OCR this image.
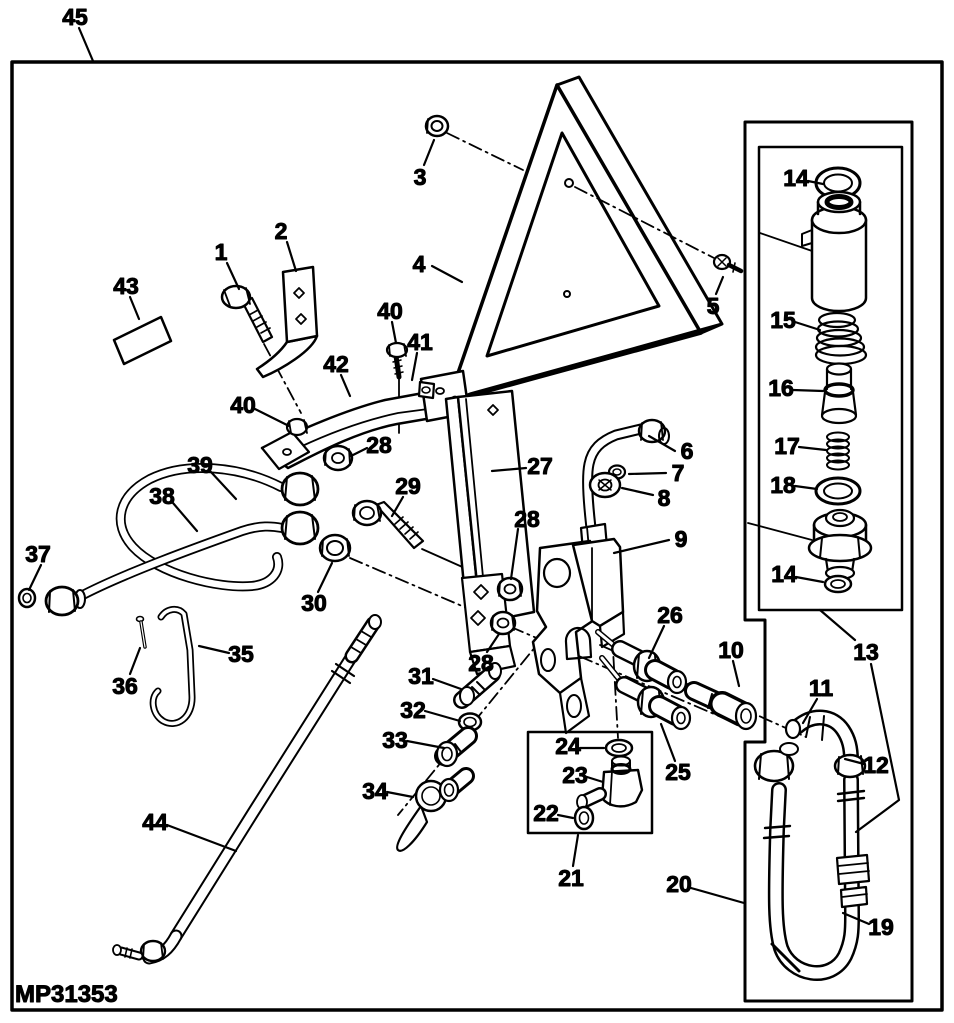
MP31353
1
2
3
4
5
6
7
8
9
10
11
12
13
14
15
16
17
18
14
19
20
21
22
23
24
25
26
27
28
28
28
29
30
31
32
33
34
35
36
37
38
39
40
40
41
42
43
44
45
